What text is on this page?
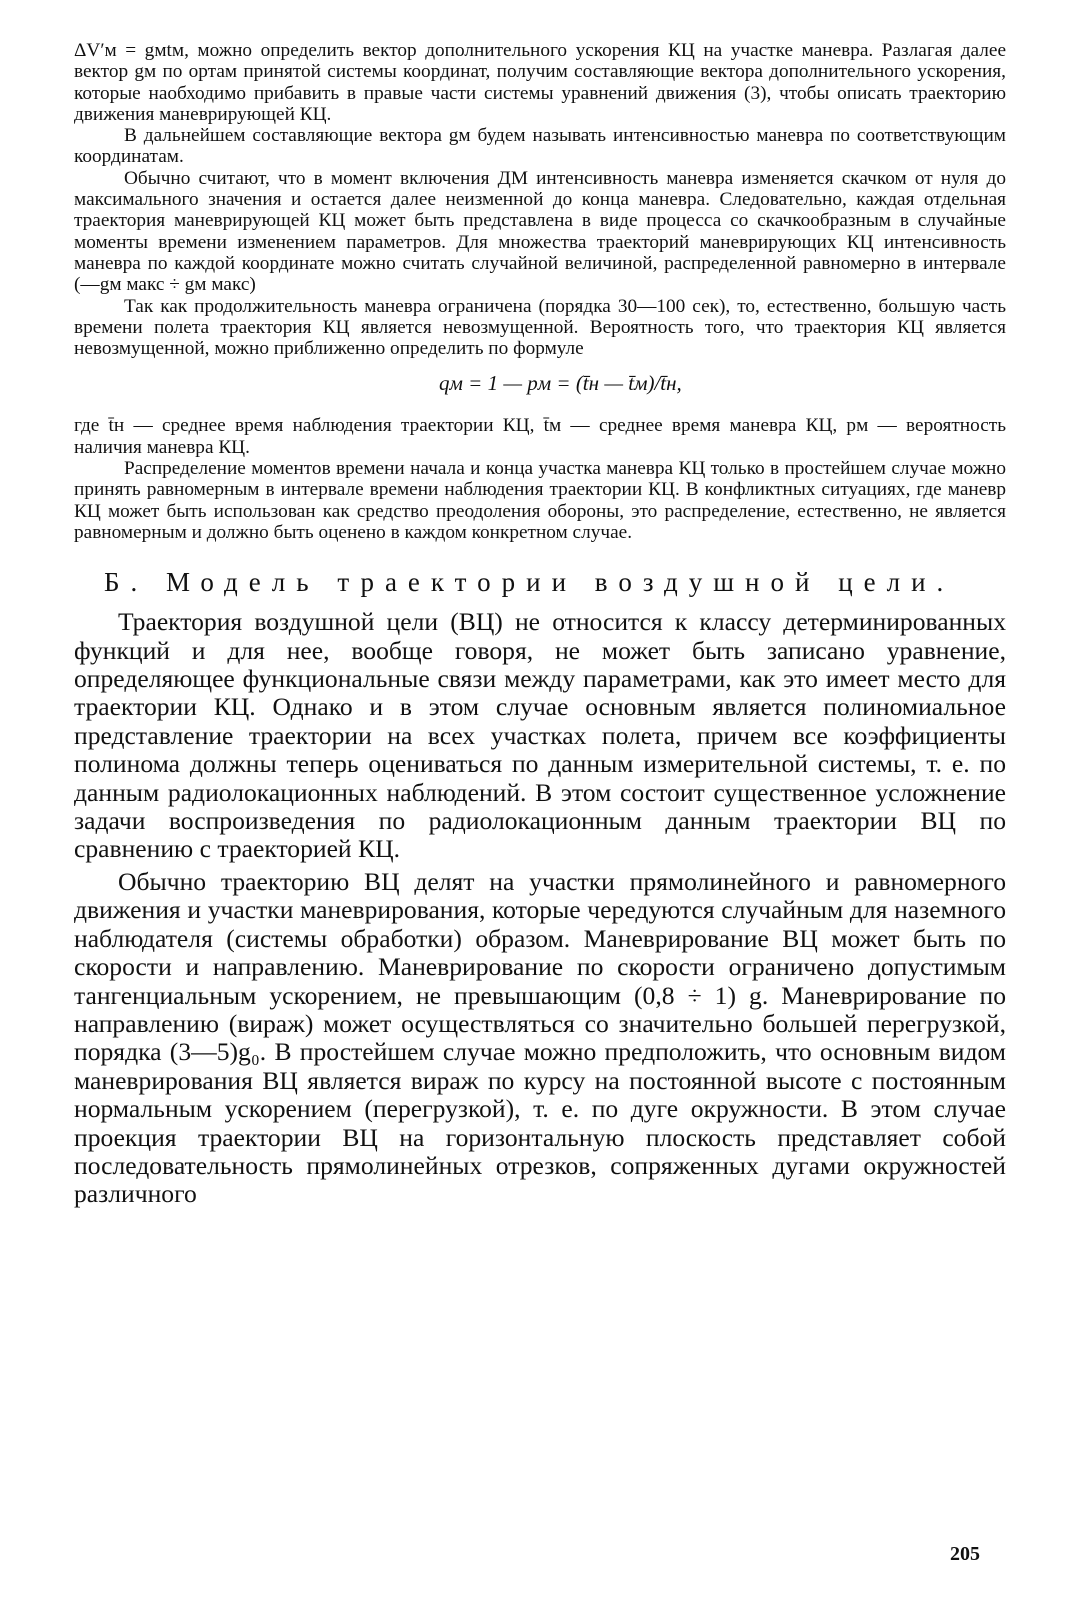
ΔV′м = gмtм, можно определить вектор дополнительного ускорения КЦ на участке маневра. Разлагая далее вектор gм по ортам принятой системы координат, получим составляющие вектора дополнительного ускорения, которые наобходимо прибавить в правые части системы уравнений движения (3), чтобы описать траекторию движения маневрирующей КЦ.

В дальнейшем составляющие вектора gм будем называть интенсивностью маневра по соответствующим координатам.

Обычно считают, что в момент включения ДМ интенсивность маневра изменяется скачком от нуля до максимального значения и остается далее неизменной до конца маневра. Следовательно, каждая отдельная траектория маневрирующей КЦ может быть представлена в виде процесса со скачкообразным в случайные моменты времени изменением параметров. Для множества траекторий маневрирующих КЦ интенсивность маневра по каждой координате можно считать случайной величиной, распределенной равномерно в интервале (—gм макс ÷ gм макс)

Так как продолжительность маневра ограничена (порядка 30—100 сек), то, естественно, большую часть времени полета траектория КЦ является невозмущенной. Вероятность того, что траектория КЦ является невозмущенной, можно приближенно определить по формуле

qм = 1 — pм = (t̄н — t̄м)/t̄н,

где t̄н — среднее время наблюдения траектории КЦ, t̄м — среднее время маневра КЦ, pм — вероятность наличия маневра КЦ.

Распределение моментов времени начала и конца участка маневра КЦ только в простейшем случае можно принять равномерным в интервале времени наблюдения траектории КЦ. В конфликтных ситуациях, где маневр КЦ может быть использован как средство преодоления обороны, это распределение, естественно, не является равномерным и должно быть оценено в каждом конкретном случае.

Б. Модель траектории воздушной цели.

Траектория воздушной цели (ВЦ) не относится к классу детерминированных функций и для нее, вообще говоря, не может быть записано уравнение, определяющее функциональные связи между параметрами, как это имеет место для траектории КЦ. Однако и в этом случае основным является полиномиальное представление траектории на всех участках полета, причем все коэффициенты полинома должны теперь оцениваться по данным измерительной системы, т. е. по данным радиолокационных наблюдений. В этом состоит существенное усложнение задачи воспроизведения по радиолокационным данным траектории ВЦ по сравнению с траекторией КЦ.

Обычно траекторию ВЦ делят на участки прямолинейного и равномерного движения и участки маневрирования, которые чередуются случайным для наземного наблюдателя (системы обработки) образом. Маневрирование ВЦ может быть по скорости и направлению. Маневрирование по скорости ограничено допустимым тангенциальным ускорением, не превышающим (0,8 ÷ 1) g. Маневрирование по направлению (вираж) может осуществляться со значительно большей перегрузкой, порядка (3—5)g₀. В простейшем случае можно предположить, что основным видом маневрирования ВЦ является вираж по курсу на постоянной высоте с постоянным нормальным ускорением (перегрузкой), т. е. по дуге окружности. В этом случае проекция траектории ВЦ на горизонтальную плоскость представляет собой последовательность прямолинейных отрезков, сопряженных дугами окружностей различного

205
